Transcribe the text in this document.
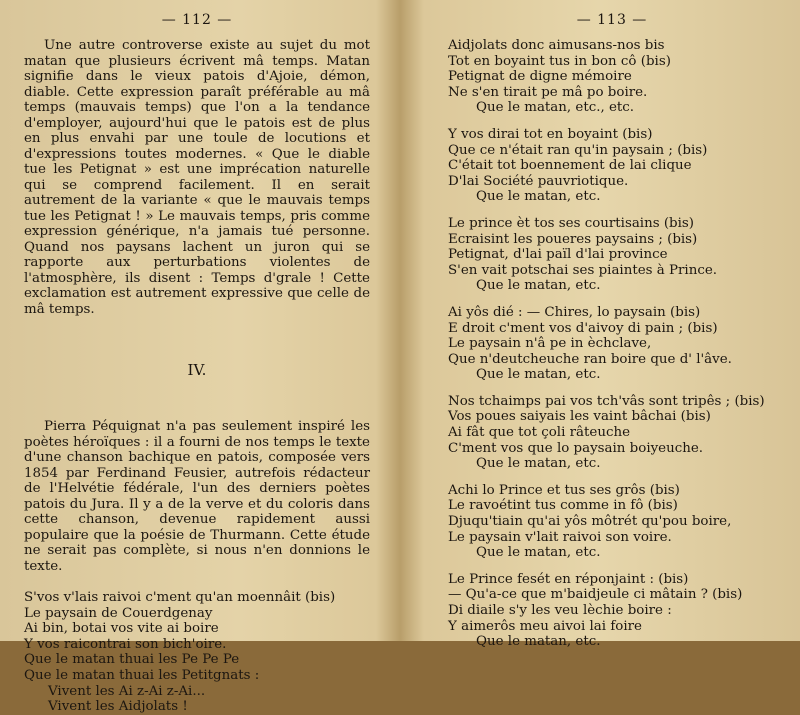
— 112 —

Une autre controverse existe au sujet du mot matan que plusieurs écrivent mâ temps. Matan signifie dans le vieux patois d'Ajoie, démon, diable. Cette expression paraît préférable au mâ temps (mauvais temps) que l'on a la tendance d'employer, aujourd'hui que le patois est de plus en plus envahi par une toule de locutions et d'expressions toutes modernes. « Que le diable tue les Petignat » est une imprécation naturelle qui se comprend facilement. Il en serait autrement de la variante « que le mauvais temps tue les Petignat ! » Le mauvais temps, pris comme expression générique, n'a jamais tué personne. Quand nos paysans lachent un juron qui se rapporte aux perturbations violentes de l'atmosphère, ils disent : Temps d'grale ! Cette exclamation est autrement expressive que celle de mâ temps.

IV.

Pierra Péquignat n'a pas seulement inspiré les poètes héroïques : il a fourni de nos temps le texte d'une chanson bachique en patois, composée vers 1854 par Ferdinand Feusier, autrefois rédacteur de l'Helvétie fédérale, l'un des derniers poètes patois du Jura. Il y a de la verve et du coloris dans cette chanson, devenue rapidement aussi populaire que la poésie de Thurmann. Cette étude ne serait pas complète, si nous n'en donnions le texte.

S'vos v'lais raivoi c'ment qu'an moennâit (bis)
Le paysain de Couerdgenay
Ai bin, botai vos vite ai boire
Y vos raicontrai son bich'oire.
Que le matan thuai les Pe Pe Pe
Que le matan thuai les Petitgnats :
Vivent les Ai z-Ai z-Ai...
Vivent les Aidjolats !
— 113 —
Aidjolats donc aimusans-nos bis
Tot en boyaint tus in bon cô (bis)
Petignat de digne mémoire
Ne s'en tirait pe mâ po boire.
Que le matan, etc., etc.
Y vos dirai tot en boyaint (bis)
Que ce n'était ran qu'in paysain ; (bis)
C'était tot boennement de lai clique
D'lai Société pauvriotique.
Que le matan, etc.
Le prince èt tos ses courtisains (bis)
Ecraisint les poueres paysains ; (bis)
Petignat, d'lai païl d'lai province
S'en vait potschai ses piaintes à Prince.
Que le matan, etc.
Ai yôs dié : — Chires, lo paysain (bis)
E droit c'ment vos d'aivoy di pain ; (bis)
Le paysain n'â pe in èchclave,
Que n'deutcheuche ran boire que d' l'âve.
Que le matan, etc.
Nos tchaimps pai vos tch'vâs sont tripês ; (bis)
Vos poues saiyais les vaint bâchai (bis)
Ai fât que tot çoli râteuche
C'ment vos que lo paysain boiyeuche.
Que le matan, etc.
Achi lo Prince et tus ses grôs (bis)
Le ravoétint tus comme in fô (bis)
Djuqu'tiain qu'ai yôs môtrét qu'pou boire,
Le paysain v'lait raivoi son voire.
Que le matan, etc.
Le Prince fesét en réponjaint : (bis)
— Qu'a-ce que m'baidjeule ci mâtain ? (bis)
Di diaile s'y les veu lèchie boire :
Y aimerôs meu aivoi lai foire
Que le matan, etc.
